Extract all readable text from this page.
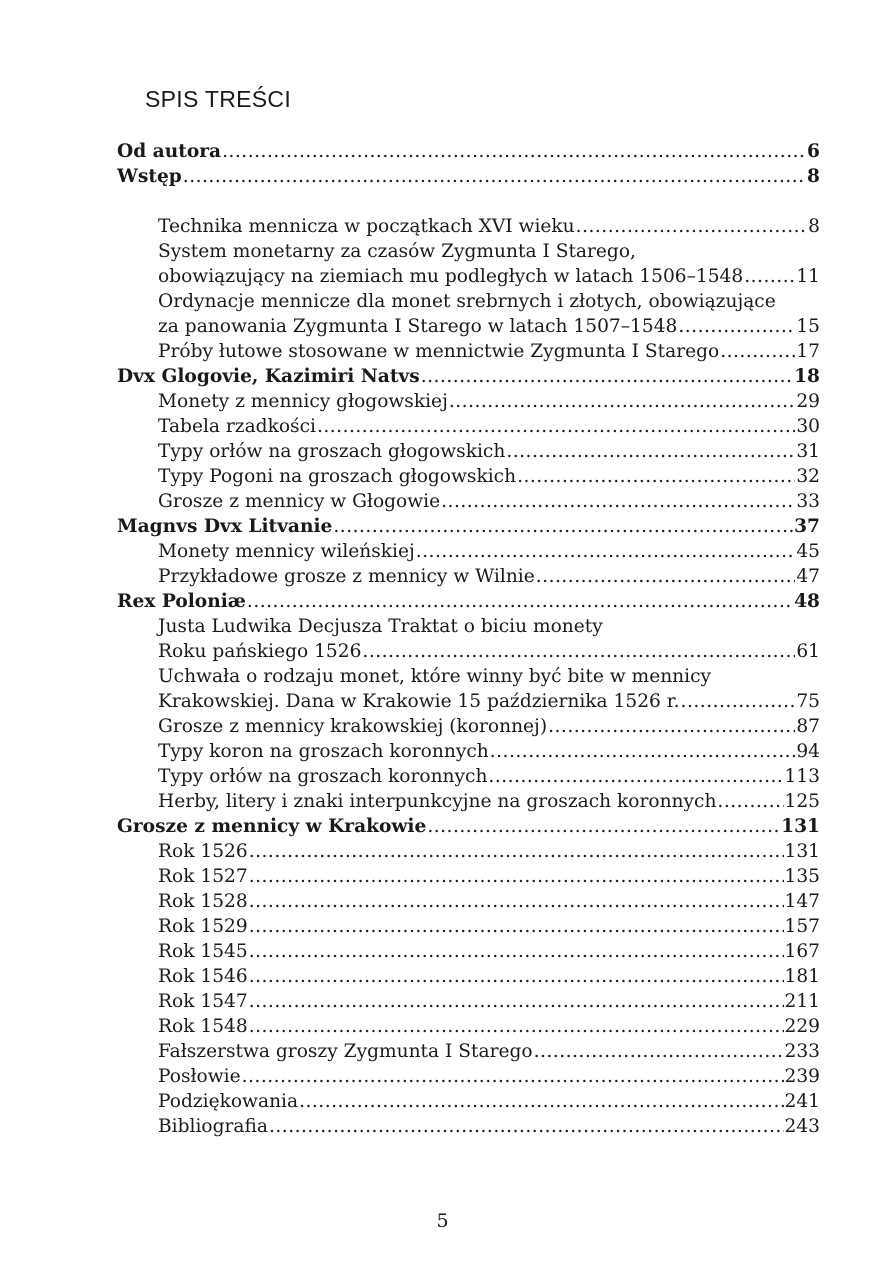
SPIS TREŚCI
Od autora .....	6
Wstęp .....	8
Technika mennicza w początkach XVI wieku .....	8
System monetarny za czasów Zygmunta I Starego,
obowiązujący na ziemiach mu podległych w latach 1506–1548 .....	11
Ordynacje mennicze dla monet srebrnych i złotych, obowiązujące
za panowania Zygmunta I Starego w latach 1507–1548 .....	15
Próby łutowe stosowane w mennictwie Zygmunta I Starego .....	17
Dvx Glogovie, Kazimiri Natvs .....	18
Monety z mennicy głogowskiej .....	29
Tabela rzadkości .....	30
Typy orłów na groszach głogowskich .....	31
Typy Pogoni na groszach głogowskich .....	32
Grosze z mennicy w Głogowie .....	33
Magnvs Dvx Litvanie .....	37
Monety mennicy wileńskiej .....	45
Przykładowe grosze z mennicy w Wilnie .....	47
Rex Poloniæ .....	48
Justa Ludwika Decjusza Traktat o biciu monety
Roku pańskiego 1526 .....	61
Uchwała o rodzaju monet, które winny być bite w mennicy
Krakowskiej. Dana w Krakowie 15 października 1526 r. .....	75
Grosze z mennicy krakowskiej (koronnej) .....	87
Typy koron na groszach koronnych .....	94
Typy orłów na groszach koronnych .....	113
Herby, litery i znaki interpunkcyjne na groszach koronnych .....	125
Grosze z mennicy w Krakowie .....	131
Rok 1526 .....	131
Rok 1527 .....	135
Rok 1528 .....	147
Rok 1529 .....	157
Rok 1545 .....	167
Rok 1546 .....	181
Rok 1547 .....	211
Rok 1548 .....	229
Fałszerstwa groszy Zygmunta I Starego .....	233
Posłowie .....	239
Podziękowania .....	241
Bibliografia .....	243
5
